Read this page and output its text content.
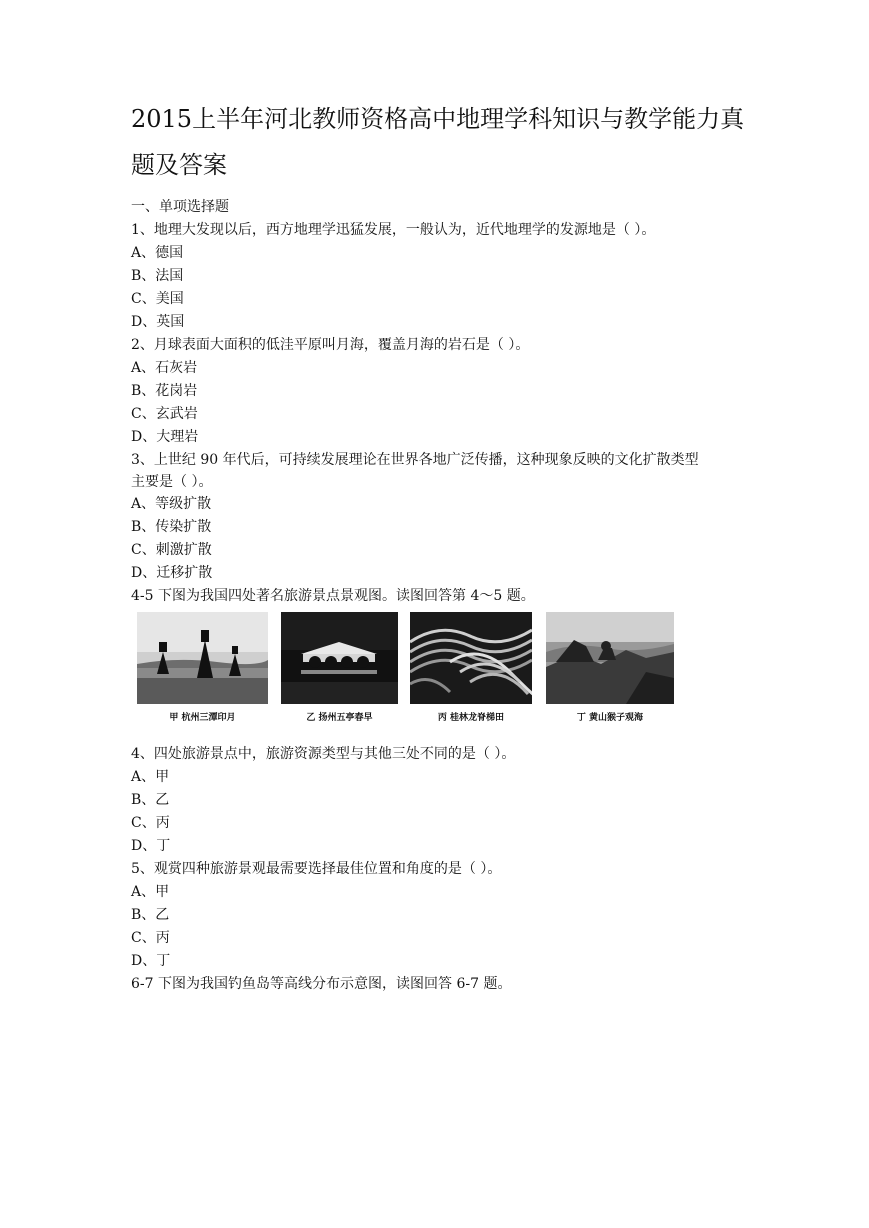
2015上半年河北教师资格高中地理学科知识与教学能力真
题及答案
一、单项选择题
1、地理大发现以后，西方地理学迅猛发展，一般认为，近代地理学的发源地是（ ）。
A、德国
B、法国
C、美国
D、英国
2、月球表面大面积的低洼平原叫月海，覆盖月海的岩石是（ ）。
A、石灰岩
B、花岗岩
C、玄武岩
D、大理岩
3、上世纪 90 年代后，可持续发展理论在世界各地广泛传播，这种现象反映的文化扩散类型
主要是（ ）。
A、等级扩散
B、传染扩散
C、刺激扩散
D、迁移扩散
4-5 下图为我国四处著名旅游景点景观图。读图回答第 4～5 题。
甲 杭州三潭印月	乙 扬州五亭春早	丙 桂林龙脊梯田	丁 黄山猴子观海
4、四处旅游景点中，旅游资源类型与其他三处不同的是（ ）。
A、甲
B、乙
C、丙
D、丁
5、观赏四种旅游景观最需要选择最佳位置和角度的是（ ）。
A、甲
B、乙
C、丙
D、丁
6-7 下图为我国钓鱼岛等高线分布示意图，读图回答 6-7 题。
